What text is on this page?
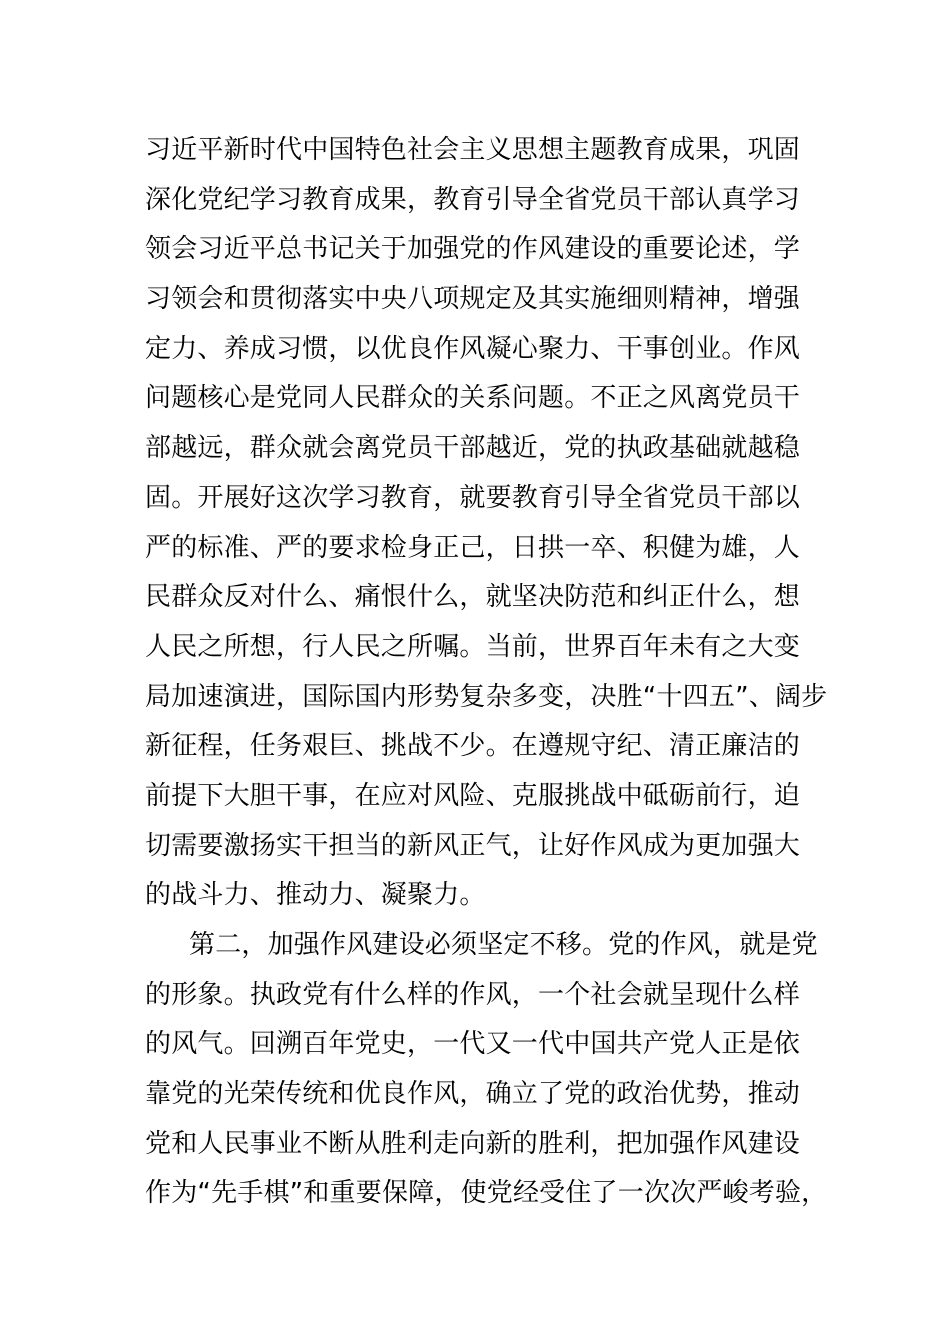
习近平新时代中国特色社会主义思想主题教育成果，巩固
深化党纪学习教育成果，教育引导全省党员干部认真学习
领会习近平总书记关于加强党的作风建设的重要论述，学
习领会和贯彻落实中央八项规定及其实施细则精神，增强
定力、养成习惯，以优良作风凝心聚力、干事创业。作风
问题核心是党同人民群众的关系问题。不正之风离党员干
部越远，群众就会离党员干部越近，党的执政基础就越稳
固。开展好这次学习教育，就要教育引导全省党员干部以
严的标准、严的要求检身正己，日拱一卒、积健为雄，人
民群众反对什么、痛恨什么，就坚决防范和纠正什么，想
人民之所想，行人民之所嘱。当前，世界百年未有之大变
局加速演进，国际国内形势复杂多变，决胜“十四五”、阔步
新征程，任务艰巨、挑战不少。在遵规守纪、清正廉洁的
前提下大胆干事，在应对风险、克服挑战中砥砺前行，迫
切需要激扬实干担当的新风正气，让好作风成为更加强大
的战斗力、推动力、凝聚力。
第二，加强作风建设必须坚定不移。党的作风，就是党
的形象。执政党有什么样的作风，一个社会就呈现什么样
的风气。回溯百年党史，一代又一代中国共产党人正是依
靠党的光荣传统和优良作风，确立了党的政治优势，推动
党和人民事业不断从胜利走向新的胜利，把加强作风建设
作为“先手棋”和重要保障，使党经受住了一次次严峻考验，
